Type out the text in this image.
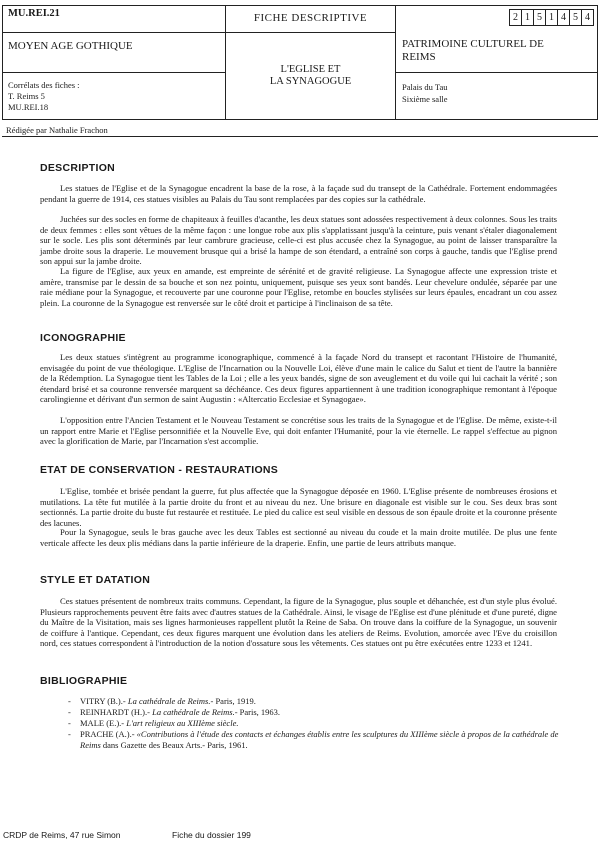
MU.REI.21
MOYEN AGE GOTHIQUE
Corrélats des fiches :
T. Reims 5
MU.REI.18
FICHE DESCRIPTIVE
L'EGLISE ET
LA SYNAGOGUE
2 1 5 1 4 5 4
PATRIMOINE CULTUREL DE
REIMS
Palais du Tau
Sixième salle
Rédigée par Nathalie Frachon
DESCRIPTION

Les statues de l'Eglise et de la Synagogue encadrent la base de la rose, à la façade sud du transept de la Cathédrale. Fortement endommagées pendant la guerre de 1914, ces statues visibles au Palais du Tau sont remplacées par des copies sur la cathédrale.

Juchées sur des socles en forme de chapiteaux à feuilles d'acanthe, les deux statues sont adossées respectivement à deux colonnes. Sous les traits de deux femmes : elles sont vêtues de la même façon : une longue robe aux plis s'applatissant jusqu'à la ceinture, puis venant s'étaler diagonalement sur le socle. Les plis sont déterminés par leur cambrure gracieuse, celle-ci est plus accusée chez la Synagogue, au point de laisser transparaître la jambe droite sous la draperie. Le mouvement brusque qui a brisé la hampe de son étendard, a entraîné son corps à gauche, tandis que l'Eglise prend son appui sur la jambe droite.

La figure de l'Eglise, aux yeux en amande, est empreinte de sérénité et de gravité religieuse. La Synagogue affecte une expression triste et amère, transmise par le dessin de sa bouche et son nez pointu, uniquement, puisque ses yeux sont bandés. Leur chevelure ondulée, séparée par une raie médiane pour la Synagogue, et recouverte par une couronne pour l'Eglise, retombe en boucles stylisées sur leurs épaules, encadrant un cou assez plein. La couronne de la Synagogue est renversée sur le côté droit et participe à l'inclinaison de sa tête.

ICONOGRAPHIE

Les deux statues s'intègrent au programme iconographique, commencé à la façade Nord du transept et racontant l'Histoire de l'humanité, envisagée du point de vue théologique. L'Eglise de l'Incarnation ou la Nouvelle Loi, élève d'une main le calice du Salut et tient de l'autre la bannière de la Rédemption. La Synagogue tient les Tables de la Loi ; elle a les yeux bandés, signe de son aveuglement et du voile qui lui cachait la vérité ; son étendard brisé et sa couronne renversée marquent sa déchéance. Ces deux figures appartiennent à une tradition iconographique remontant à l'époque carolingienne et dérivant d'un sermon de saint Augustin : «Altercatio Ecclesiae et Synagogae».

L'opposition entre l'Ancien Testament et le Nouveau Testament se concrétise sous les traits de la Synagogue et de l'Eglise. De même, existe-t-il un rapport entre Marie et l'Eglise personnifiée et la Nouvelle Eve, qui doit enfanter l'Humanité, pour la vie éternelle. Le rappel s'effectue au pignon avec la glorification de Marie, par l'Incarnation s'est accomplie.

ETAT DE CONSERVATION - RESTAURATIONS

L'Eglise, tombée et brisée pendant la guerre, fut plus affectée que la Synagogue déposée en 1960. L'Eglise présente de nombreuses érosions et mutilations. La tête fut mutilée à la partie droite du front et au niveau du nez. Une brisure en diagonale est visible sur le cou. Ses deux bras sont sectionnés. La partie droite du buste fut restaurée et restituée. Le pied du calice est seul visible en dessous de son épaule droite et la couronne présente des lacunes.

Pour la Synagogue, seuls le bras gauche avec les deux Tables est sectionné au niveau du coude et la main droite mutilée. De plus une fente verticale affecte les deux plis médians dans la partie inférieure de la draperie. Enfin, une partie de leurs attributs manque.

STYLE ET DATATION

Ces statues présentent de nombreux traits communs. Cependant, la figure de la Synagogue, plus souple et déhanchée, est d'un style plus évolué. Plusieurs rapprochements peuvent être faits avec d'autres statues de la Cathédrale. Ainsi, le visage de l'Eglise est d'une plénitude et d'une pureté, digne du Maître de la Visitation, mais ses lignes harmonieuses rappellent plutôt la Reine de Saba. On trouve dans la coiffure de la Synagogue, un souvenir de coiffure à l'antique. Cependant, ces deux figures marquent une évolution dans les ateliers de Reims. Evolution, amorcée avec l'Eve du croisillon nord, ces statues correspondent à l'introduction de la notion d'ossature sous les vêtements. Ces statues ont pu être exécutées entre 1233 et 1241.

BIBLIOGRAPHIE
- VITRY (B.).- La cathédrale de Reims.- Paris, 1919.
- REINHARDT (H.).- La cathédrale de Reims.- Paris, 1963.
- MALE (E.).- L'art religieux au XIIIème siècle.
- PRACHE (A.).- «Contributions à l'étude des contacts et échanges établis entre les sculptures du XIIIème siècle à propos de la cathédrale de Reims dans Gazette des Beaux Arts.- Paris, 1961.
CRDP de Reims, 47 rue Simon	Fiche du dossier 199
